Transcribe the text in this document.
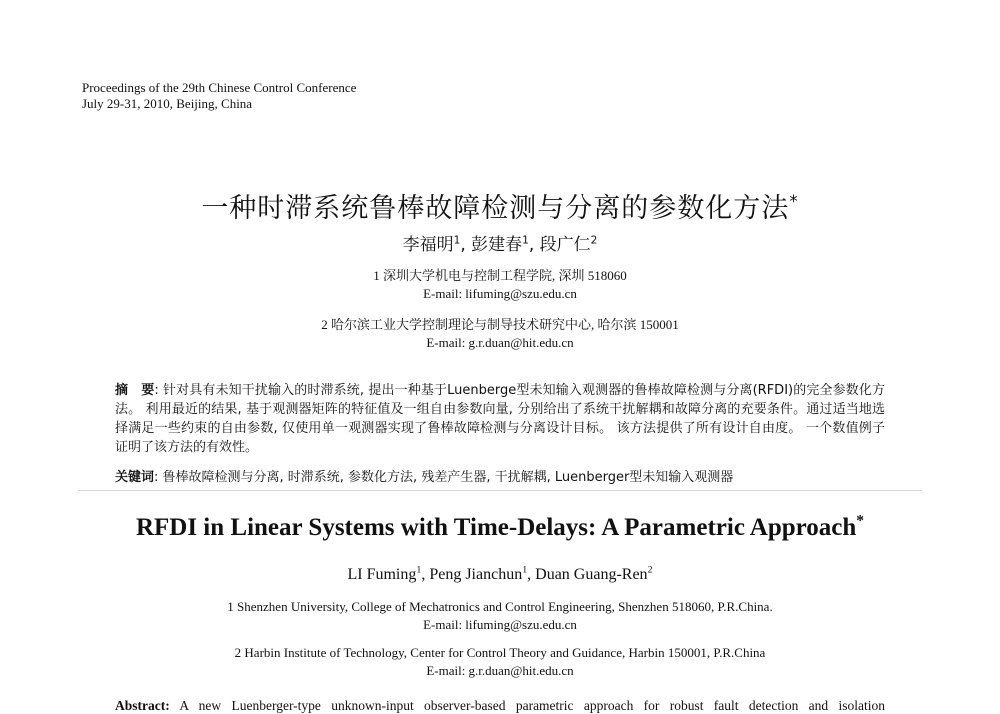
Proceedings of the 29th Chinese Control Conference
July 29-31, 2010, Beijing, China
一种时滞系统鲁棒故障检测与分离的参数化方法*
李福明$^1$, 彭建春$^1$, 段广仁$^2$
1 深圳大学机电与控制工程学院, 深圳 518060
E-mail: lifuming@szu.edu.cn
2 哈尔滨工业大学控制理论与制导技术研究中心, 哈尔滨 150001
E-mail: g.r.duan@hit.edu.cn
摘　要: 针对具有未知干扰输入的时滞系统, 提出一种基于Luenberge型未知输入观测器的鲁棒故障检测与分离(RFDI)的完全参数化方法。 利用最近的结果, 基于观测器矩阵的特征值及一组自由参数向量, 分别给出了系统干扰解耦和故障分离的充要条件。通过适当地选择满足一些约束的自由参数, 仅使用单一观测器实现了鲁棒故障检测与分离设计目标。 该方法提供了所有设计自由度。 一个数值例子证明了该方法的有效性。
关键词: 鲁棒故障检测与分离, 时滞系统, 参数化方法, 残差产生器, 干扰解耦, Luenberger型未知输入观测器
RFDI in Linear Systems with Time-Delays: A Parametric Approach*
LI Fuming$^1$, Peng Jianchun$^1$, Duan Guang-Ren$^2$
1 Shenzhen University, College of Mechatronics and Control Engineering, Shenzhen 518060, P.R.China.
E-mail: lifuming@szu.edu.cn
2 Harbin Institute of Technology, Center for Control Theory and Guidance, Harbin 150001, P.R.China
E-mail: g.r.duan@hit.edu.cn
Abstract: A new Luenberger-type unknown-input observer-based parametric approach for robust fault detection and isolation
